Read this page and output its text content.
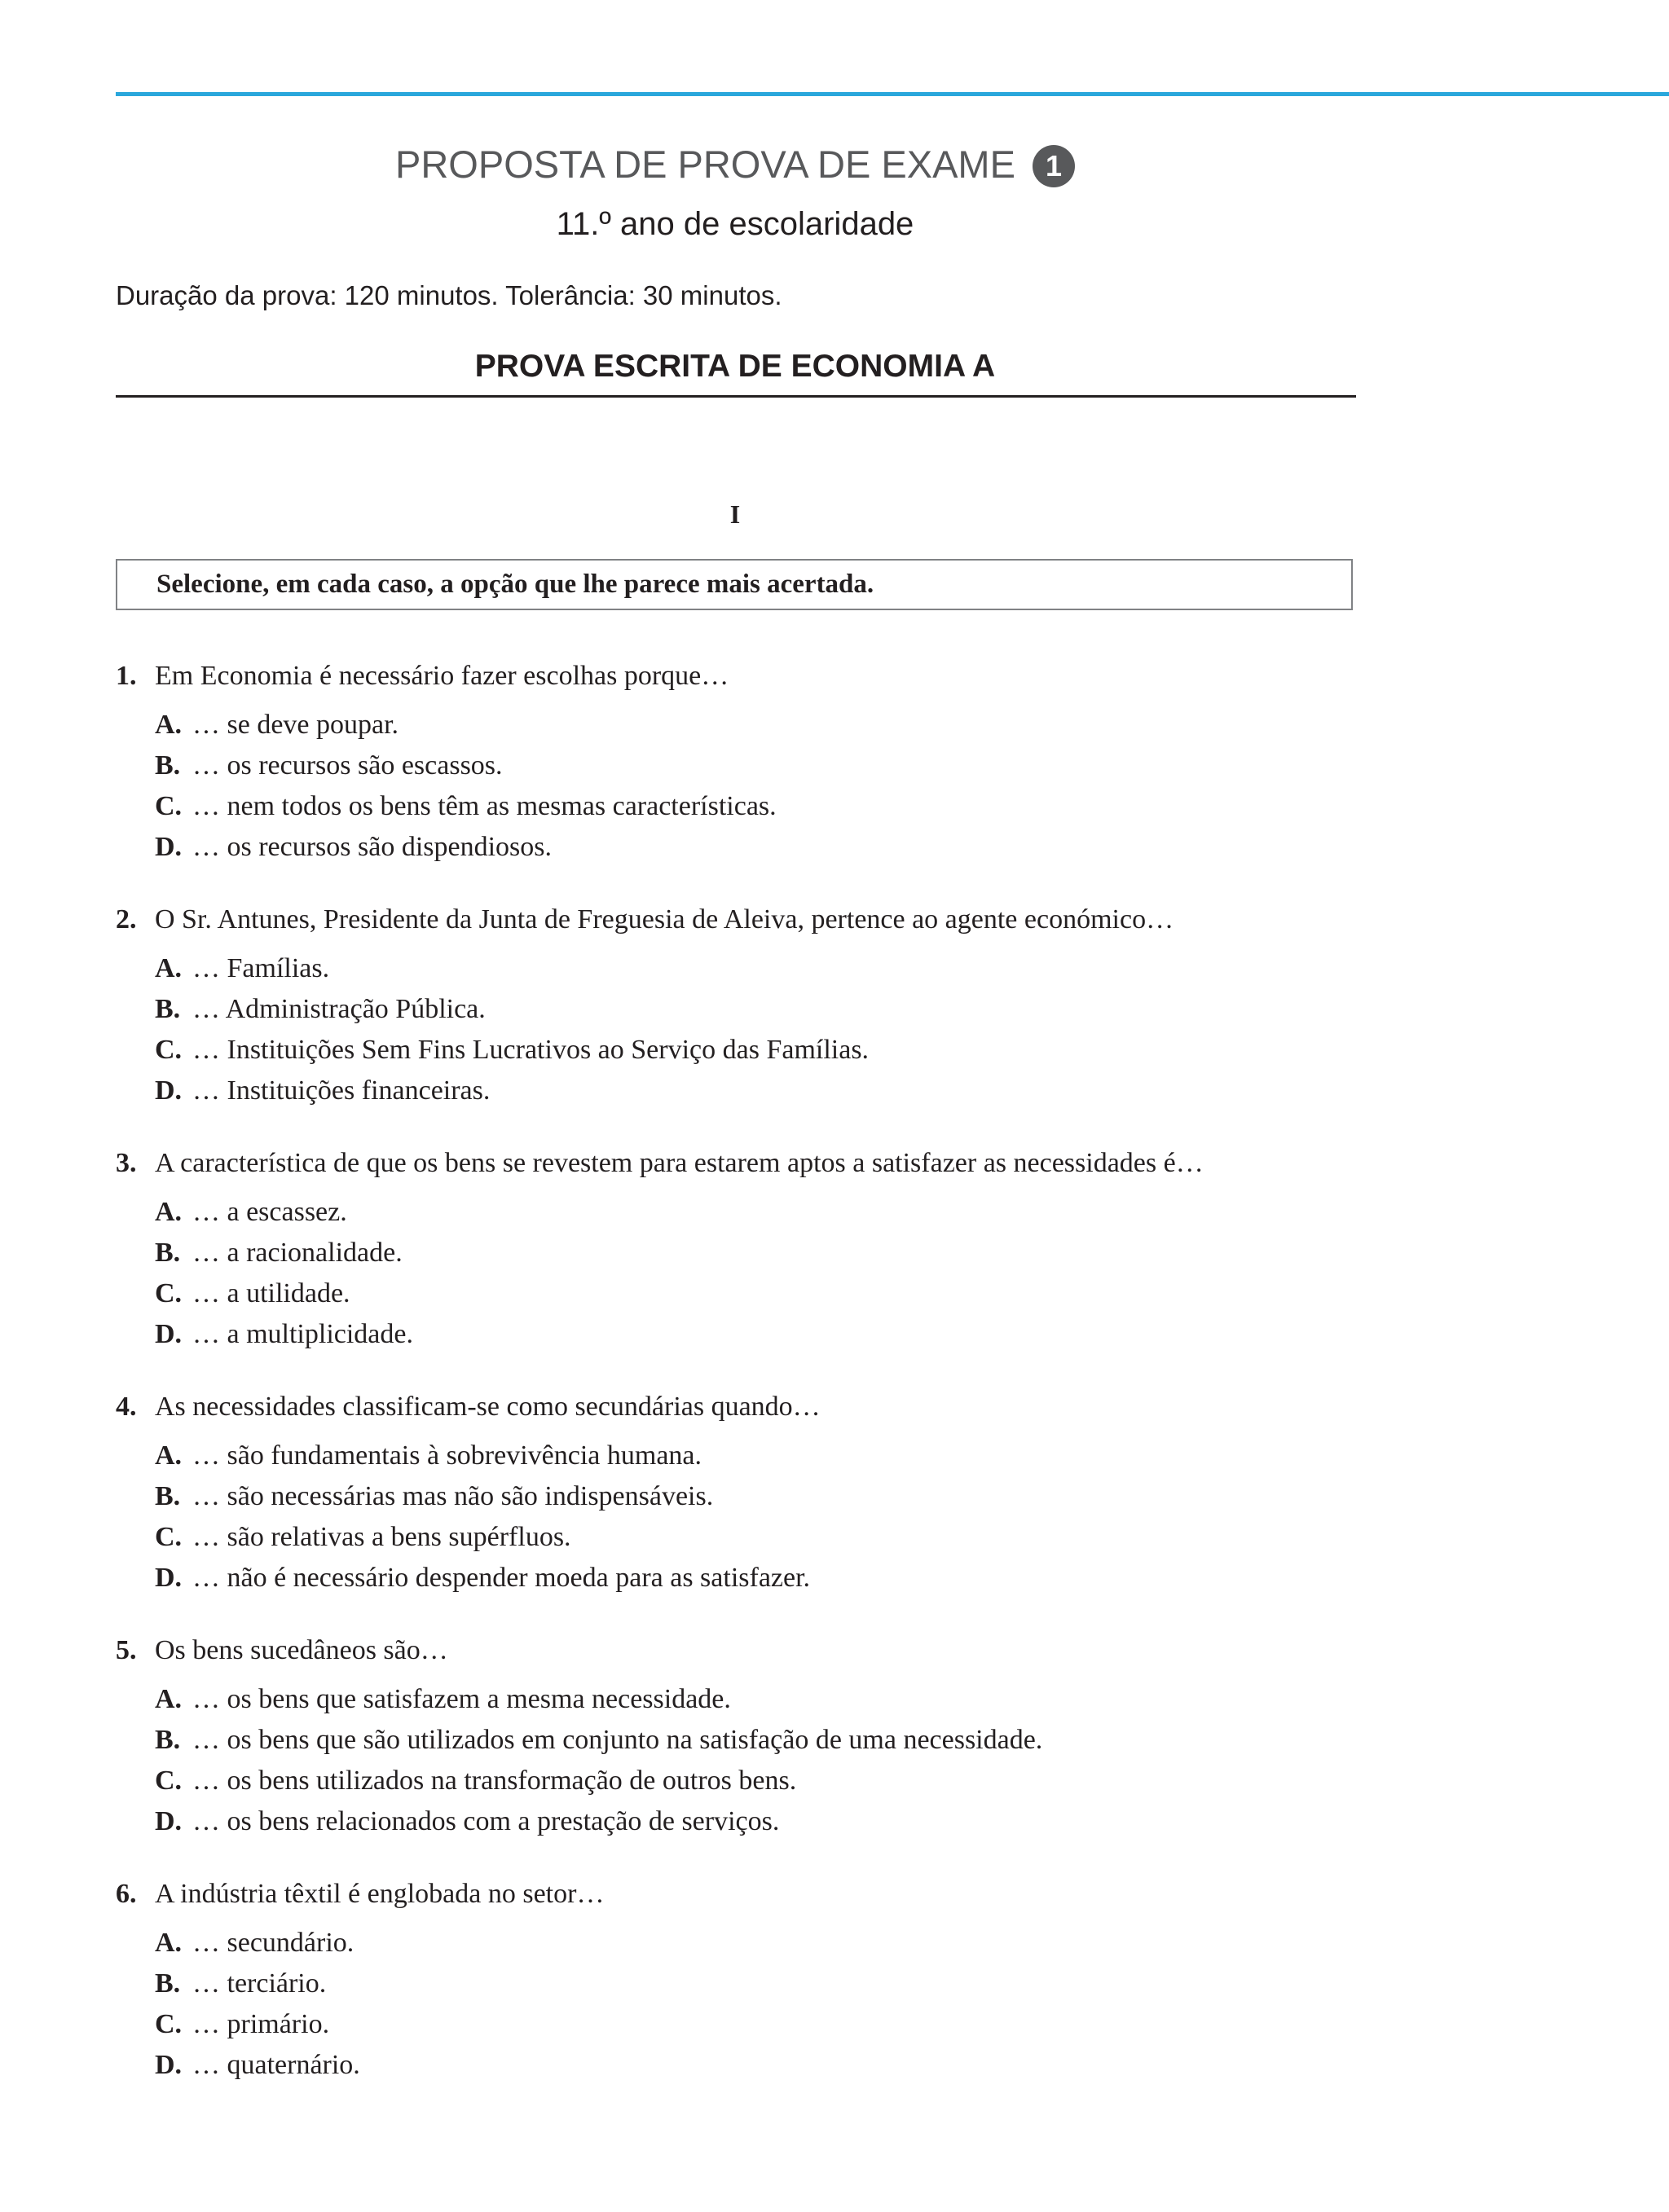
PROPOSTA DE PROVA DE EXAME 1
11.º ano de escolaridade
Duração da prova: 120 minutos. Tolerância: 30 minutos.
PROVA ESCRITA DE ECONOMIA A
I
Selecione, em cada caso, a opção que lhe parece mais acertada.
1. Em Economia é necessário fazer escolhas porque…
A. … se deve poupar.
B. … os recursos são escassos.
C. … nem todos os bens têm as mesmas características.
D. … os recursos são dispendiosos.
2. O Sr. Antunes, Presidente da Junta de Freguesia de Aleiva, pertence ao agente económico…
A. … Famílias.
B. … Administração Pública.
C. … Instituições Sem Fins Lucrativos ao Serviço das Famílias.
D. … Instituições financeiras.
3. A característica de que os bens se revestem para estarem aptos a satisfazer as necessidades é…
A. … a escassez.
B. … a racionalidade.
C. … a utilidade.
D. … a multiplicidade.
4. As necessidades classificam-se como secundárias quando…
A. … são fundamentais à sobrevivência humana.
B. … são necessárias mas não são indispensáveis.
C. … são relativas a bens supérfluos.
D. … não é necessário despender moeda para as satisfazer.
5. Os bens sucedâneos são…
A. … os bens que satisfazem a mesma necessidade.
B. … os bens que são utilizados em conjunto na satisfação de uma necessidade.
C. … os bens utilizados na transformação de outros bens.
D. … os bens relacionados com a prestação de serviços.
6. A indústria têxtil é englobada no setor…
A. … secundário.
B. … terciário.
C. … primário.
D. … quaternário.
